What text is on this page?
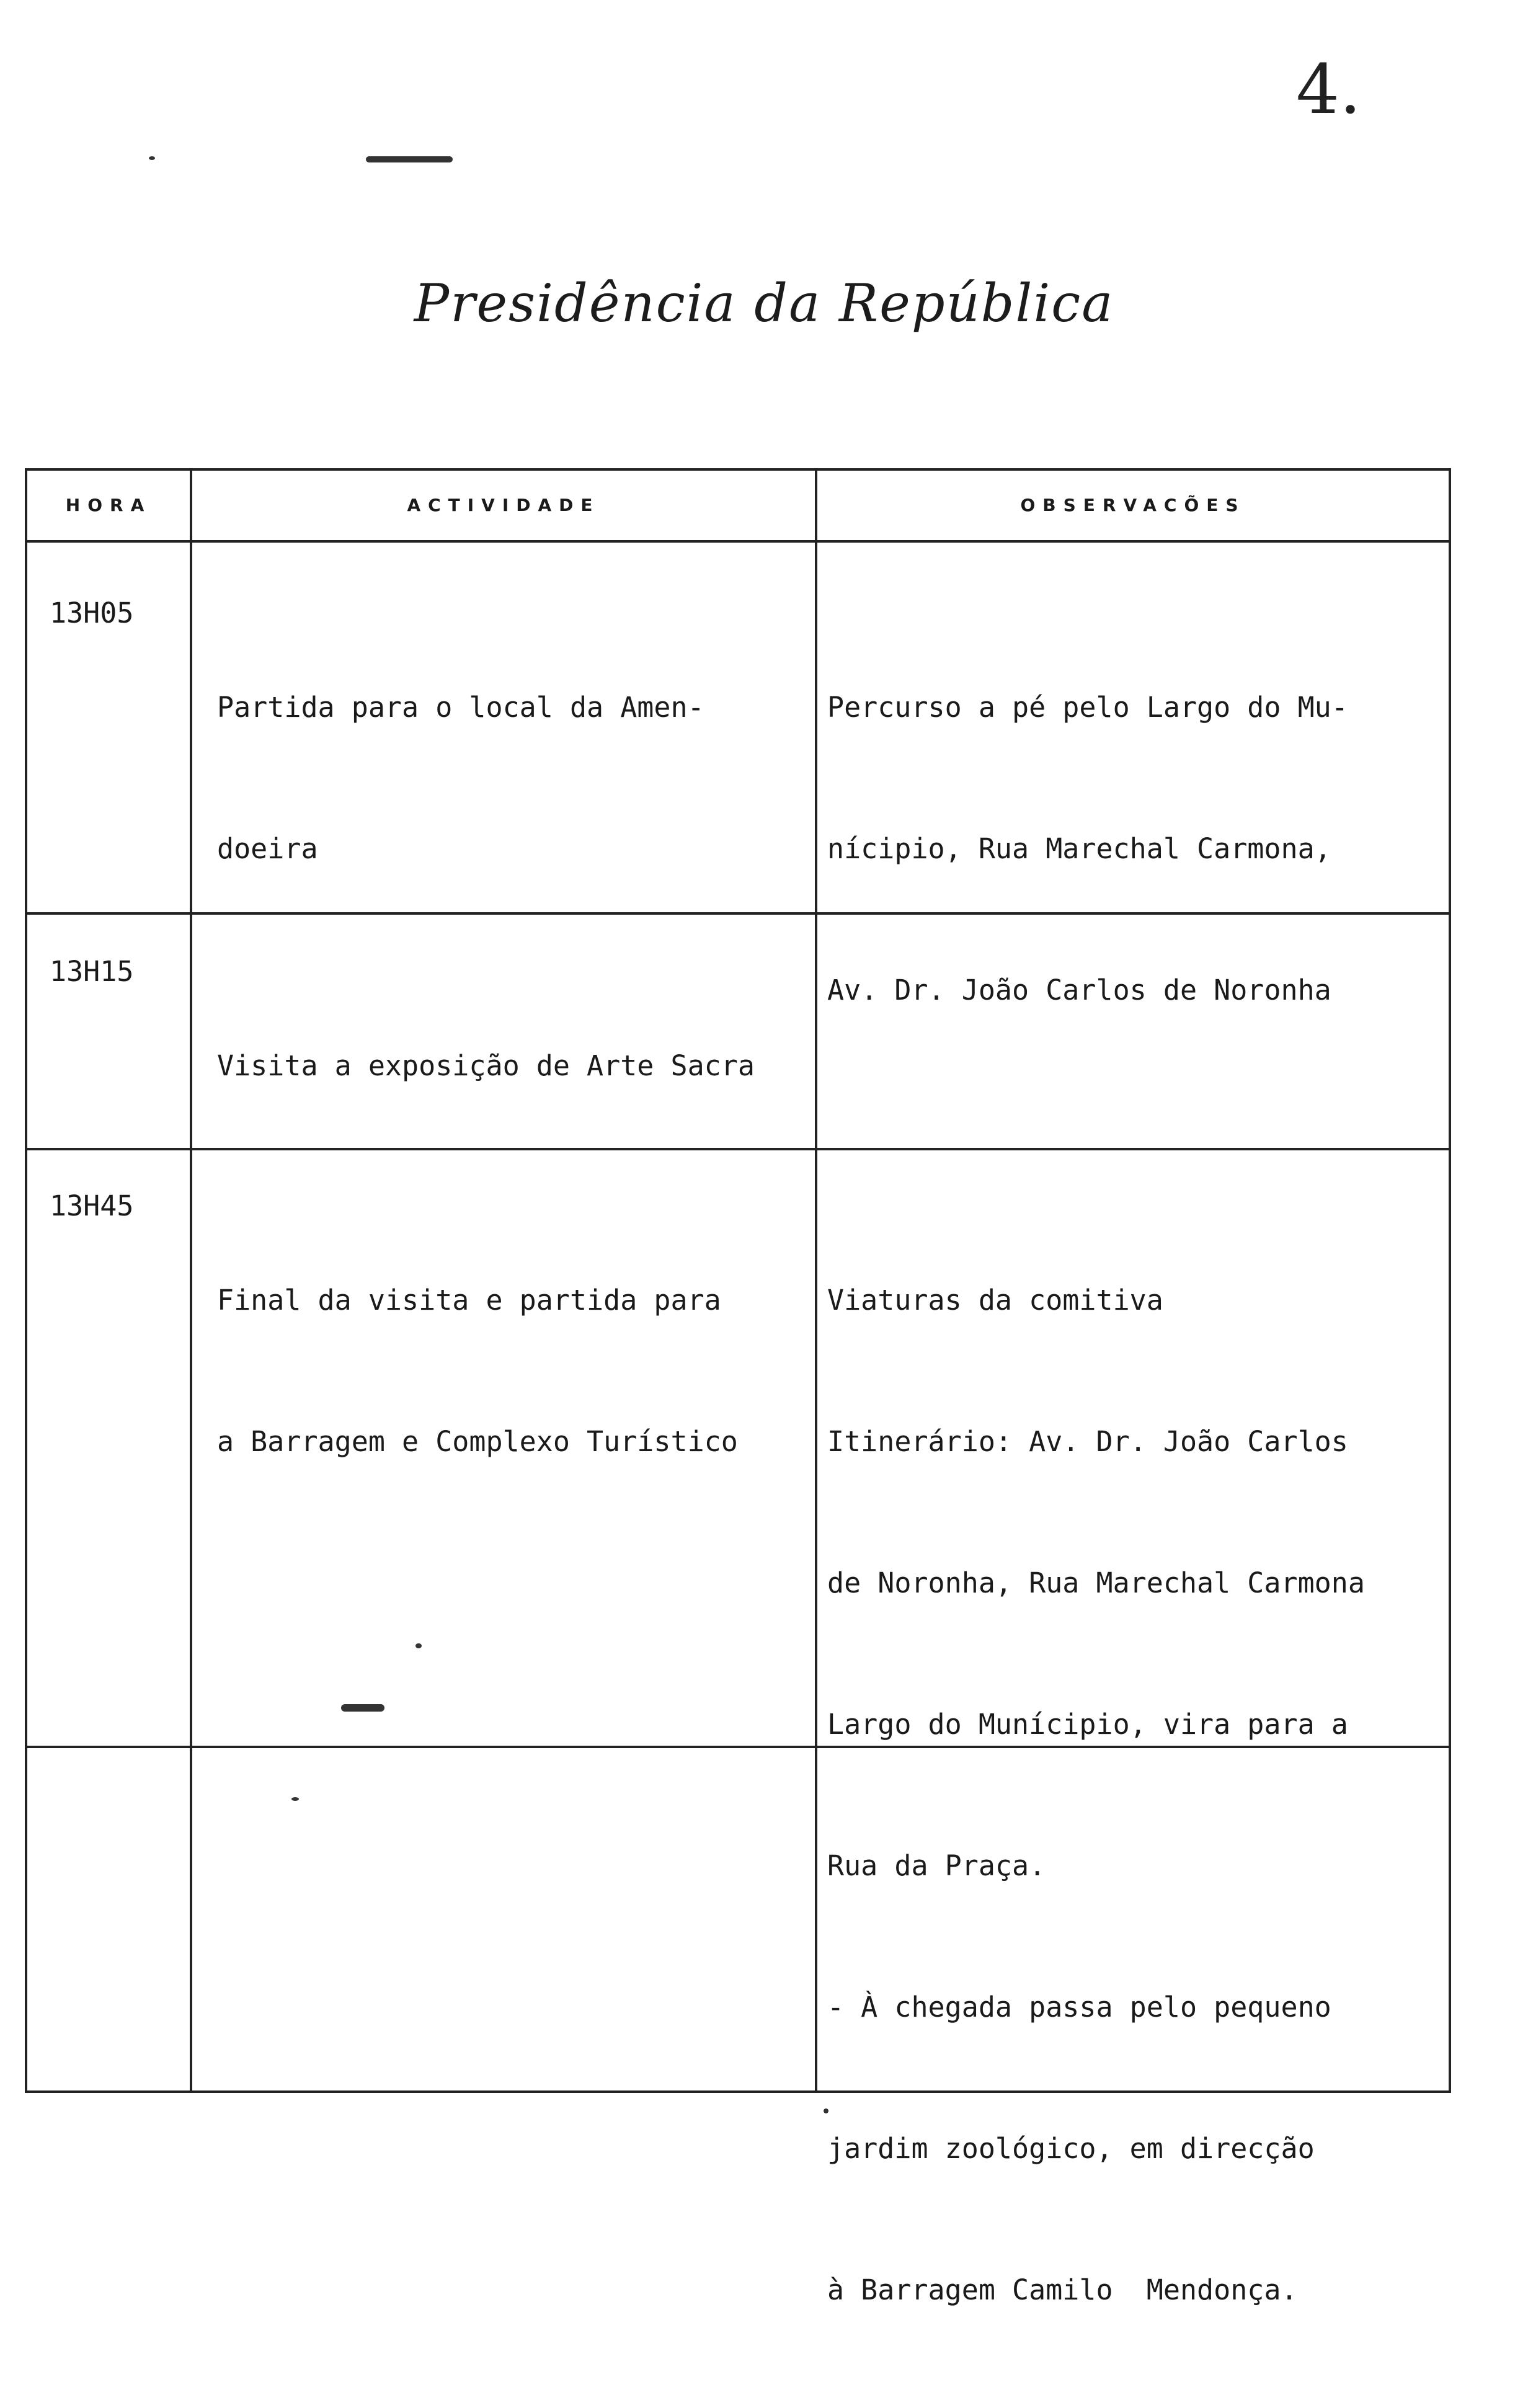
4.
Presidência da República
HORA	ACTIVIDADE	OBSERVACÕES
13H05

Partida para o local da Amen-

doeira

Percurso a pé pelo Largo do Mu-

nícipio, Rua Marechal Carmona,

Av. Dr. João Carlos de Noronha

13H15

Visita a exposição de Arte Sacra

13H45

Final da visita e partida para

a Barragem e Complexo Turístico

Viaturas da comitiva

Itinerário: Av. Dr. João Carlos

de Noronha, Rua Marechal Carmona

Largo do Munícipio, vira para a

Rua da Praça.

- À chegada passa pelo pequeno

jardim zoológico, em direcção

à Barragem Camilo  Mendonça.
